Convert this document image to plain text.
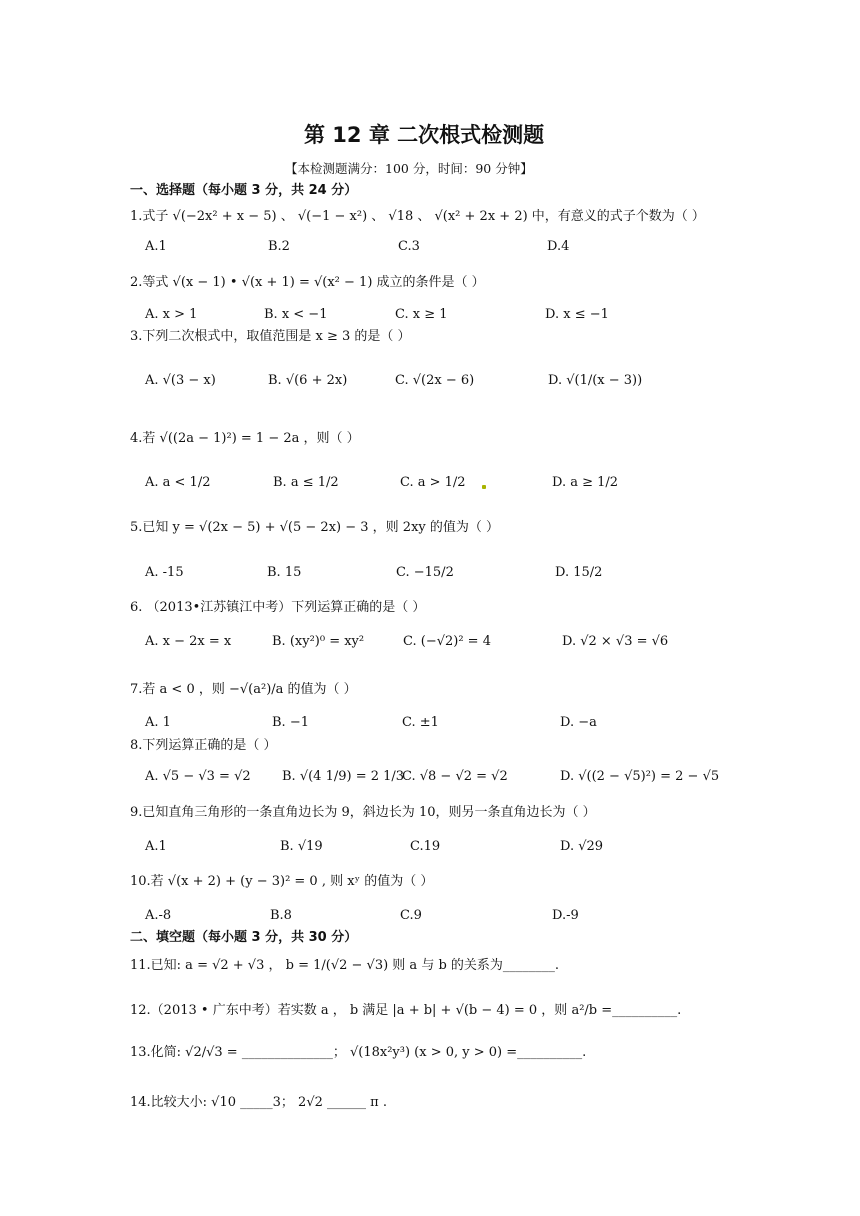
第 12 章 二次根式检测题
【本检测题满分：100 分，时间：90 分钟】
一、选择题（每小题 3 分，共 24 分）
1.式子 √(−2x² + x − 5) 、 √(−1 − x²) 、 √18 、 √(x² + 2x + 2) 中，有意义的式子个数为（ ）
A.1	B.2	C.3	D.4
2.等式 √(x − 1) • √(x + 1) = √(x² − 1) 成立的条件是（ ）
A. x > 1	B. x < −1	C. x ≥ 1	D. x ≤ −1
3.下列二次根式中，取值范围是 x ≥ 3 的是（ ）
A. √(3 − x)	B. √(6 + 2x)	C. √(2x − 6)	D. √(1/(x − 3))
4.若 √((2a − 1)²) = 1 − 2a ，则（ ）
A. a < 1/2	B. a ≤ 1/2	C. a > 1/2	D. a ≥ 1/2
5.已知 y = √(2x − 5) + √(5 − 2x) − 3 ，则 2xy 的值为（ ）
A. -15	B. 15	C. −15/2	D. 15/2
6. （2013•江苏镇江中考）下列运算正确的是（ ）
A. x − 2x = x	B. (xy²)⁰ = xy²	C. (−√2)² = 4	D. √2 × √3 = √6
7.若 a < 0 ，则 −√(a²)/a 的值为（ ）
A. 1	B. −1	C. ±1	D. −a
8.下列运算正确的是（ ）
A. √5 − √3 = √2 B. √(4 1/9) = 2 1/3
C. √8 − √2 = √2	D. √((2 − √5)²) = 2 − √5
9.已知直角三角形的一条直角边长为 9，斜边长为 10，则另一条直角边长为（ ）
A.1	B. √19	C.19	D. √29
10.若 √(x + 2) + (y − 3)² = 0 , 则 xʸ 的值为（ ）
A.-8	B.8	C.9	D.-9
二、填空题（每小题 3 分，共 30 分）
11.已知: a = √2 + √3 ， b = 1/(√2 − √3) 则 a 与 b 的关系为________.
12.（2013 • 广东中考）若实数 a ， b 满足 |a + b| + √(b − 4) = 0 ，则 a²/b =__________.
13.化简: √2/√3 = ______________； √(18x²y³) (x > 0, y > 0) =__________.
14.比较大小: √10 _____3； 2√2 ______ π .
